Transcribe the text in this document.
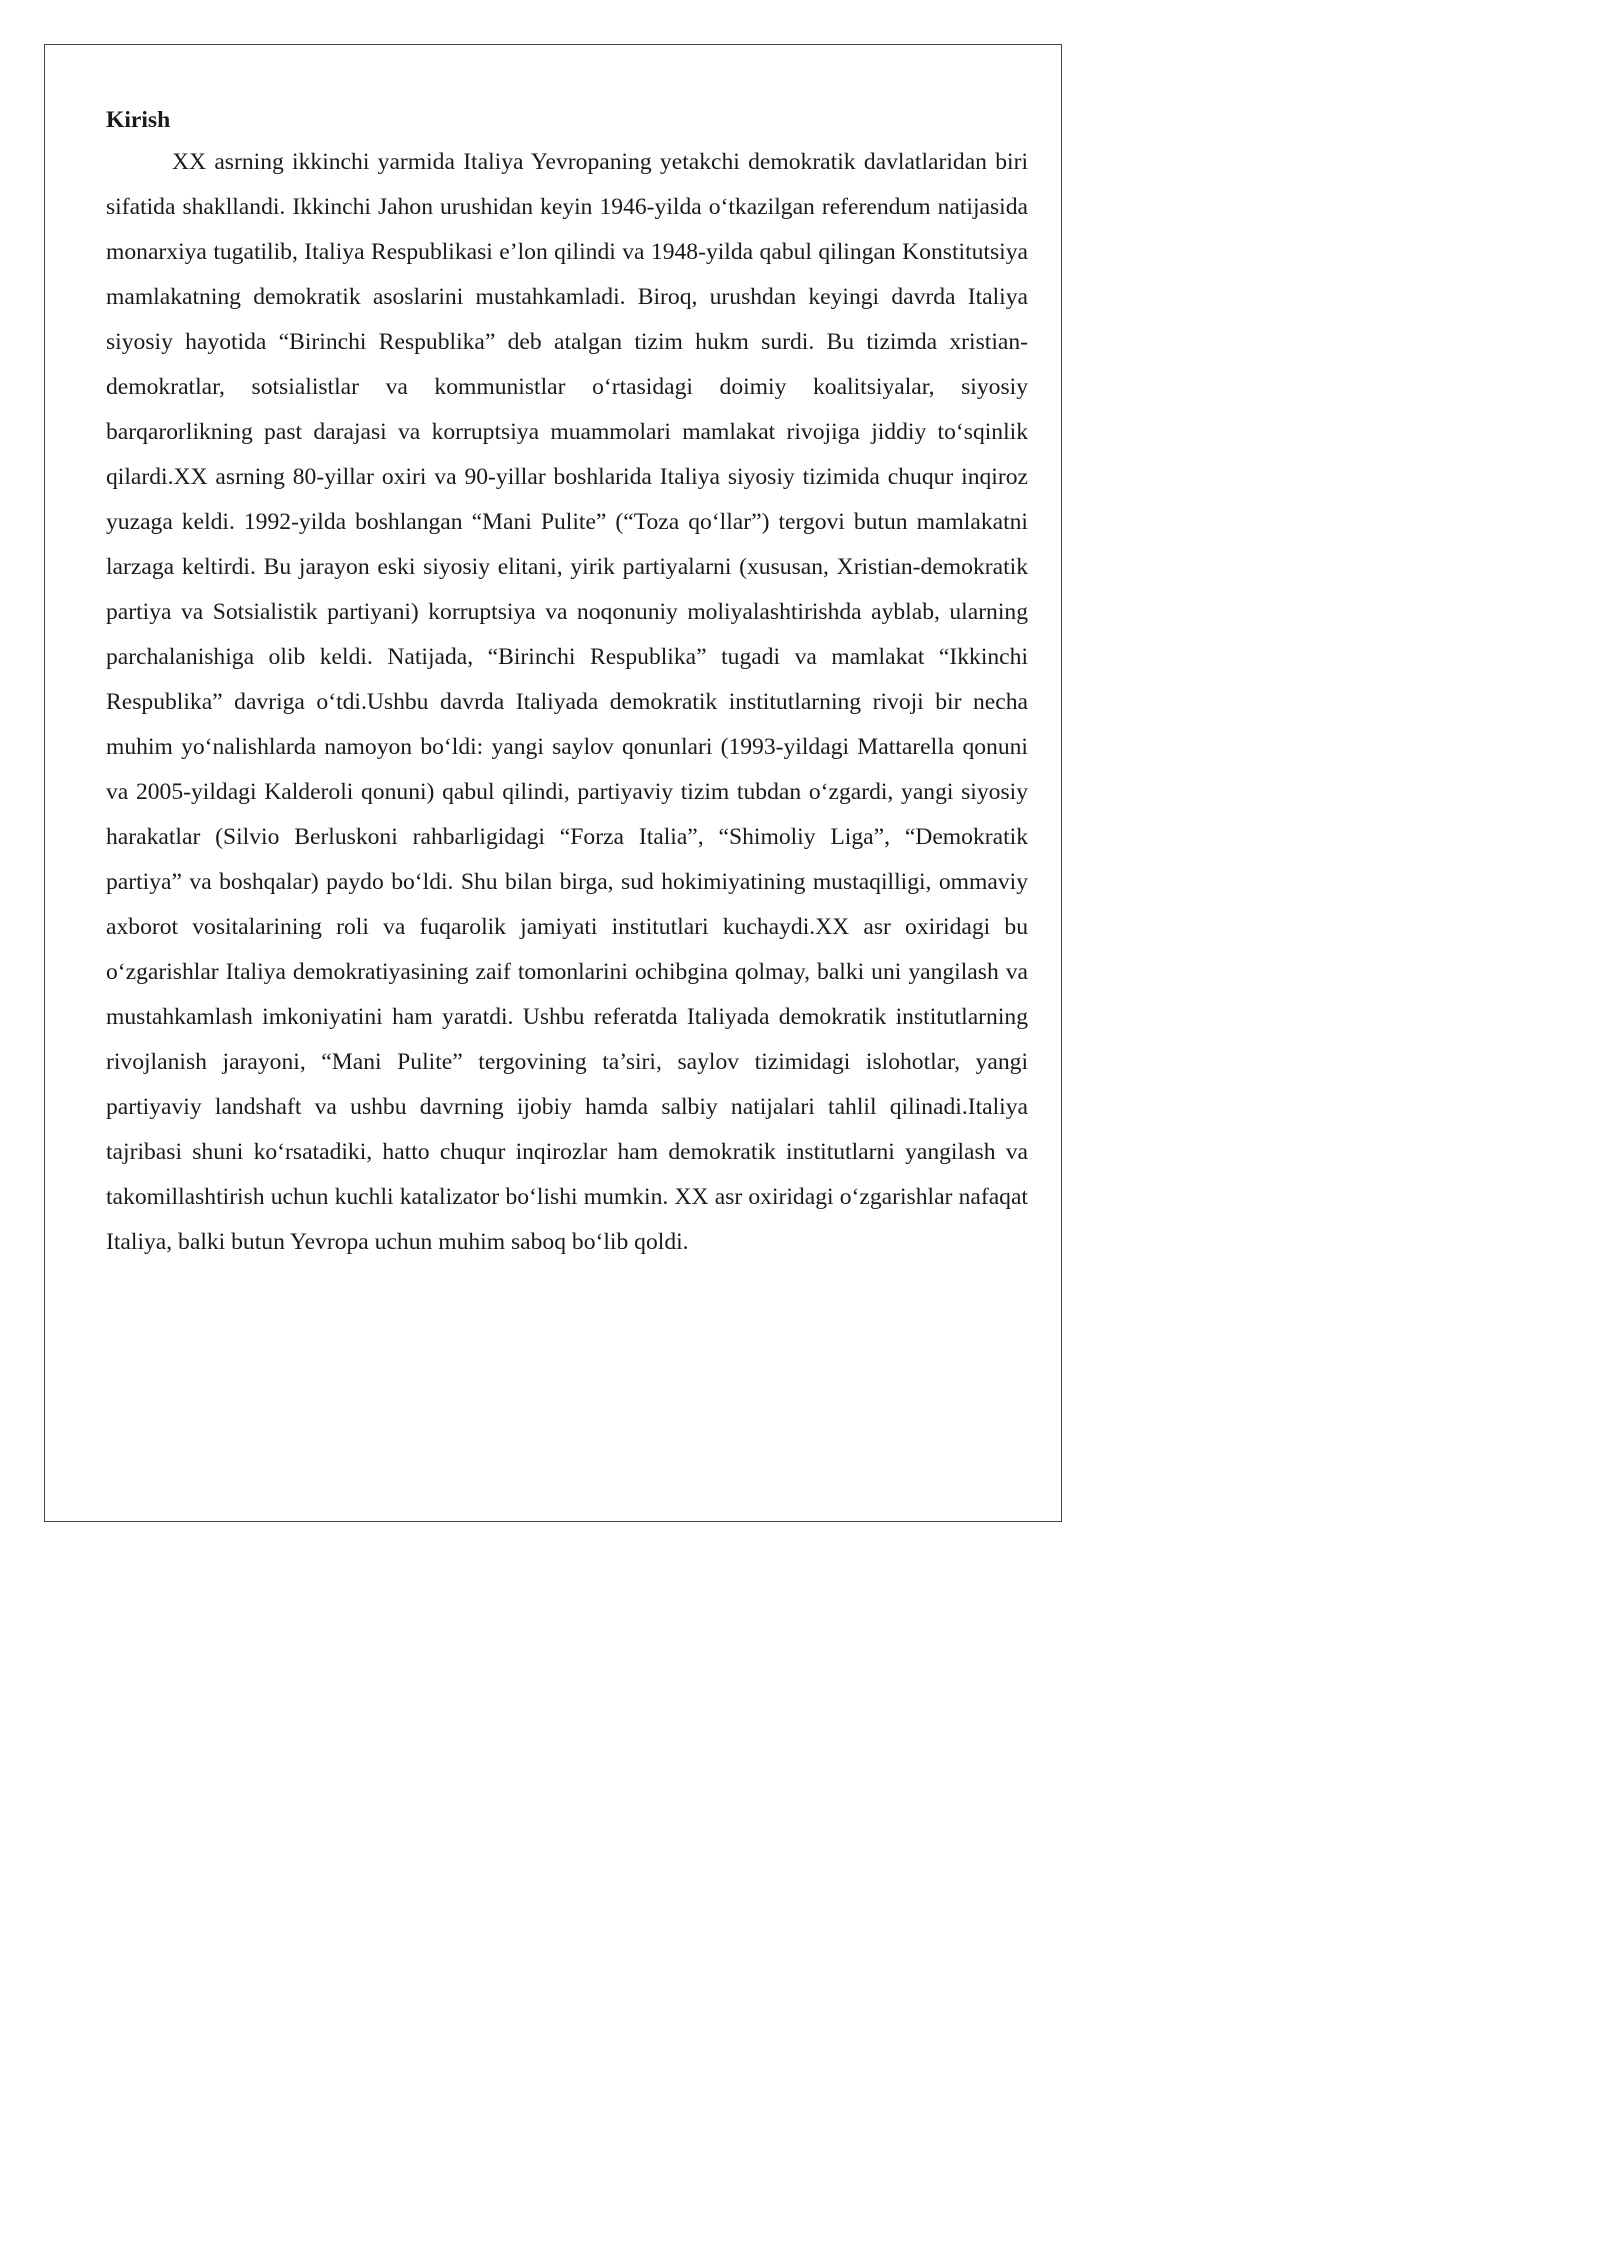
Kirish

XX asrning ikkinchi yarmida Italiya Yevropaning yetakchi demokratik davlatlaridan biri sifatida shakllandi. Ikkinchi Jahon urushidan keyin 1946-yilda o‘tkazilgan referendum natijasida monarxiya tugatilib, Italiya Respublikasi e’lon qilindi va 1948-yilda qabul qilingan Konstitutsiya mamlakatning demokratik asoslarini mustahkamladi. Biroq, urushdan keyingi davrda Italiya siyosiy hayotida “Birinchi Respublika” deb atalgan tizim hukm surdi. Bu tizimda xristian-demokratlar, sotsialistlar va kommunistlar o‘rtasidagi doimiy koalitsiyalar, siyosiy barqarorlikning past darajasi va korruptsiya muammolari mamlakat rivojiga jiddiy to‘sqinlik qilardi.XX asrning 80-yillar oxiri va 90-yillar boshlarida Italiya siyosiy tizimida chuqur inqiroz yuzaga keldi. 1992-yilda boshlangan “Mani Pulite” (“Toza qo‘llar”) tergovi butun mamlakatni larzaga keltirdi. Bu jarayon eski siyosiy elitani, yirik partiyalarni (xususan, Xristian-demokratik partiya va Sotsialistik partiyani) korruptsiya va noqonuniy moliyalashtirishda ayblab, ularning parchalanishiga olib keldi. Natijada, “Birinchi Respublika” tugadi va mamlakat “Ikkinchi Respublika” davriga o‘tdi.Ushbu davrda Italiyada demokratik institutlarning rivoji bir necha muhim yo‘nalishlarda namoyon bo‘ldi: yangi saylov qonunlari (1993-yildagi Mattarella qonuni va 2005-yildagi Kalderoli qonuni) qabul qilindi, partiyaviy tizim tubdan o‘zgardi, yangi siyosiy harakatlar (Silvio Berluskoni rahbarligidagi “Forza Italia”, “Shimoliy Liga”, “Demokratik partiya” va boshqalar) paydo bo‘ldi. Shu bilan birga, sud hokimiyatining mustaqilligi, ommaviy axborot vositalarining roli va fuqarolik jamiyati institutlari kuchaydi.XX asr oxiridagi bu o‘zgarishlar Italiya demokratiyasining zaif tomonlarini ochibgina qolmay, balki uni yangilash va mustahkamlash imkoniyatini ham yaratdi. Ushbu referatda Italiyada demokratik institutlarning rivojlanish jarayoni, “Mani Pulite” tergovining ta’siri, saylov tizimidagi islohotlar, yangi partiyaviy landshaft va ushbu davrning ijobiy hamda salbiy natijalari tahlil qilinadi.Italiya tajribasi shuni ko‘rsatadiki, hatto chuqur inqirozlar ham demokratik institutlarni yangilash va takomillashtirish uchun kuchli katalizator bo‘lishi mumkin. XX asr oxiridagi o‘zgarishlar nafaqat Italiya, balki butun Yevropa uchun muhim saboq bo‘lib qoldi.
